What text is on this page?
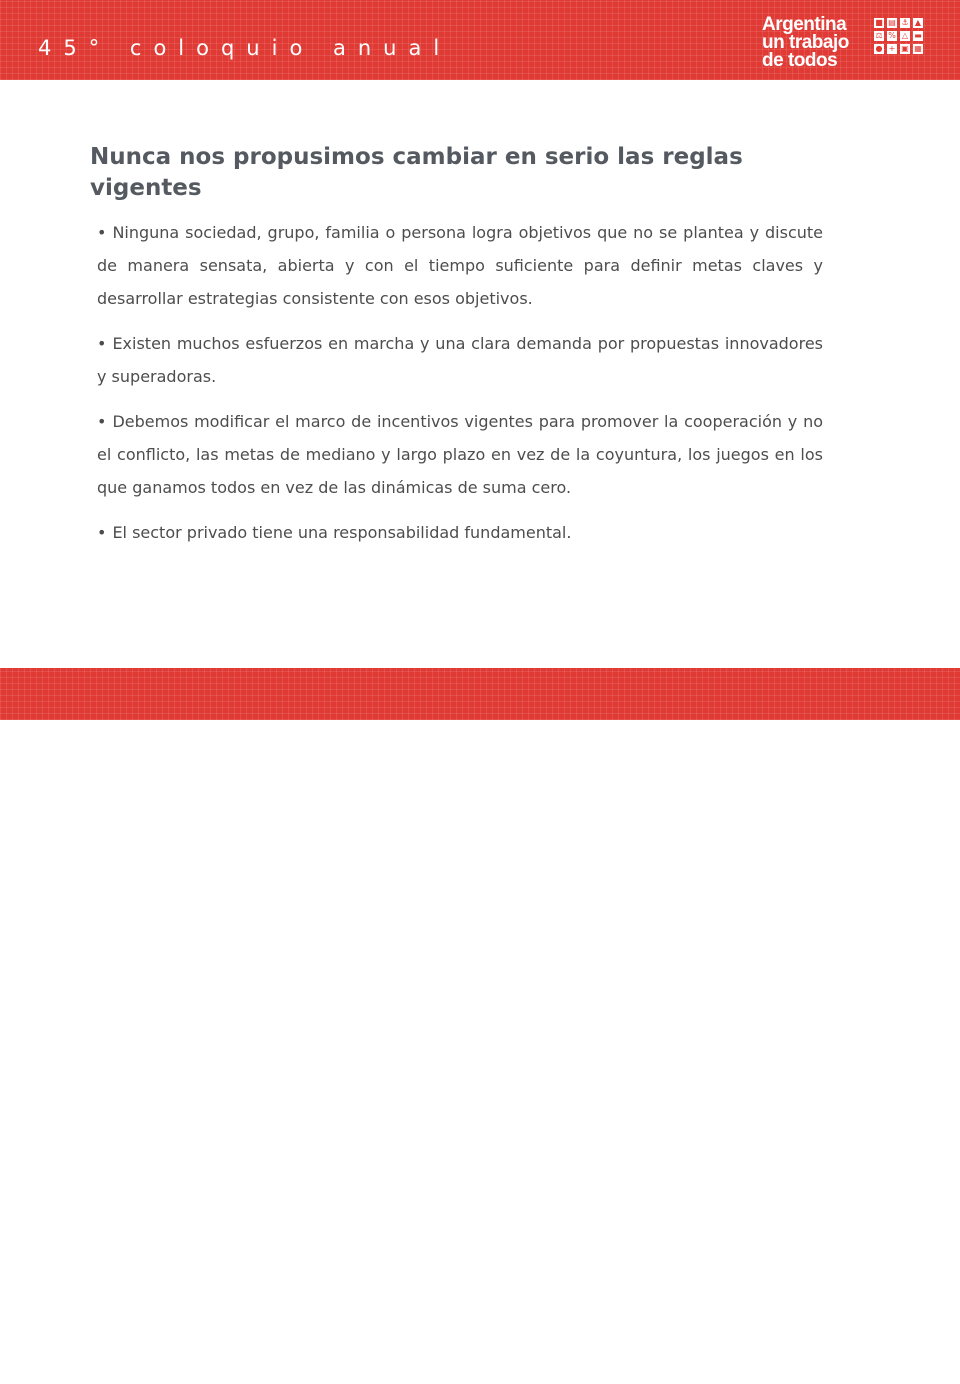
45° coloquio anual
Argentina
un trabajo
de todos
■ ▤ ⚓ ▲
⚖ % △ ▬
● + ▣ ▦
Nunca nos propusimos cambiar en serio las reglas vigentes
• Ninguna sociedad, grupo, familia o persona logra objetivos que no se plantea y discute de manera sensata, abierta y con el tiempo suficiente para definir metas claves y desarrollar estrategias consistente con esos objetivos.
• Existen muchos esfuerzos en marcha y una clara demanda por propuestas innovadores y superadoras.
• Debemos modificar el marco de incentivos vigentes para promover la cooperación y no el conflicto, las metas de mediano y largo plazo en vez de la coyuntura, los juegos en los que ganamos todos en vez de las dinámicas de suma cero.
• El sector privado tiene una responsabilidad fundamental.
idea
